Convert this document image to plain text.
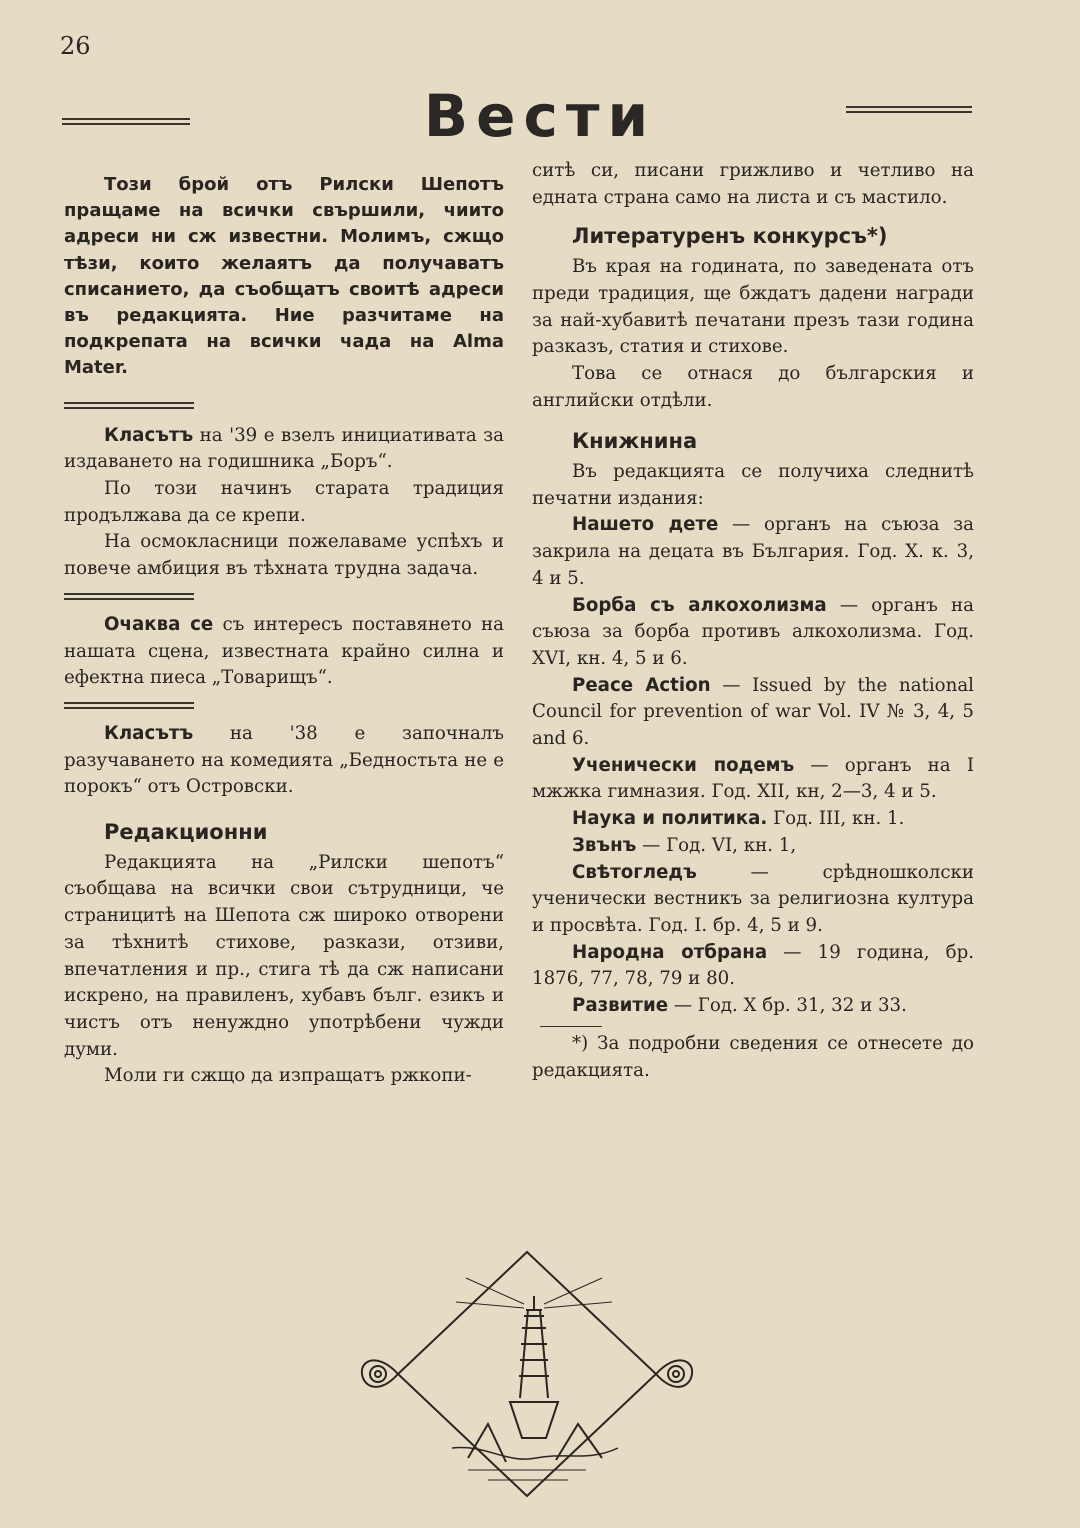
26
Вести

Този брой отъ Рилски Шепотъ пращаме на всички свършили, чиито адреси ни сж известни. Молимъ, сжщо тѣзи, които желаятъ да получаватъ списанието, да съобщатъ своитѣ адреси въ редакцията. Ние разчитаме на подкрепата на всички чада на Alma Mater.

Класътъ на '39 е взелъ инициативата за издаването на годишника „Боръ“.

По този начинъ старата традиция продължава да се крепи.

На осмокласници пожелаваме успѣхъ и повече амбиция въ тѣхната трудна задача.

Очаква се съ интересъ поставянето на нашата сцена, известната крайно силна и ефектна пиеса „Товарищъ“.

Класътъ на '38 е започналъ разучаването на комедията „Бедностьта не е порокъ“ отъ Островски.

Редакционни

Редакцията на „Рилски шепотъ“ съобщава на всички свои сътрудници, че страницитѣ на Шепота сж широко отворени за тѣхнитѣ стихове, разкази, отзиви, впечатления и пр., стига тѣ да сж написани искрено, на правиленъ, хубавъ бълг. езикъ и чистъ отъ ненуждно употрѣбени чужди думи.

Моли ги сжщо да изпращатъ ржкопи-

ситѣ си, писани грижливо и четливо на едната страна само на листа и съ мастило.

Литературенъ конкурсъ*)

Въ края на годината, по заведената отъ преди традиция, ще бждатъ дадени награди за най-хубавитѣ печатани презъ тази година разказъ, статия и стихове.

Това се отнася до българския и английски отдѣли.

Книжнина

Въ редакцията се получиха следнитѣ печатни издания:

Нашето дете — органъ на съюза за закрила на децата въ България. Год. X. к. 3, 4 и 5.

Борба съ алкохолизма — органъ на съюза за борба противъ алкохолизма. Год. XVI, кн. 4, 5 и 6.

Peace Action — Issued by the national Council for prevention of war Vol. IV № 3, 4, 5 and 6.

Ученически подемъ — органъ на I мжжка гимназия. Год. XII, кн, 2—3, 4 и 5.

Наука и политика. Год. III, кн. 1.

Звънъ — Год. VI, кн. 1,

Свѣтогледъ — срѣдношколски ученически вестникъ за религиозна култура и просвѣта. Год. I. бр. 4, 5 и 9.

Народна отбрана — 19 година, бр. 1876, 77, 78, 79 и 80.

Развитие — Год. X бр. 31, 32 и 33.

*) За подробни сведения се отнесете до редакцията.
